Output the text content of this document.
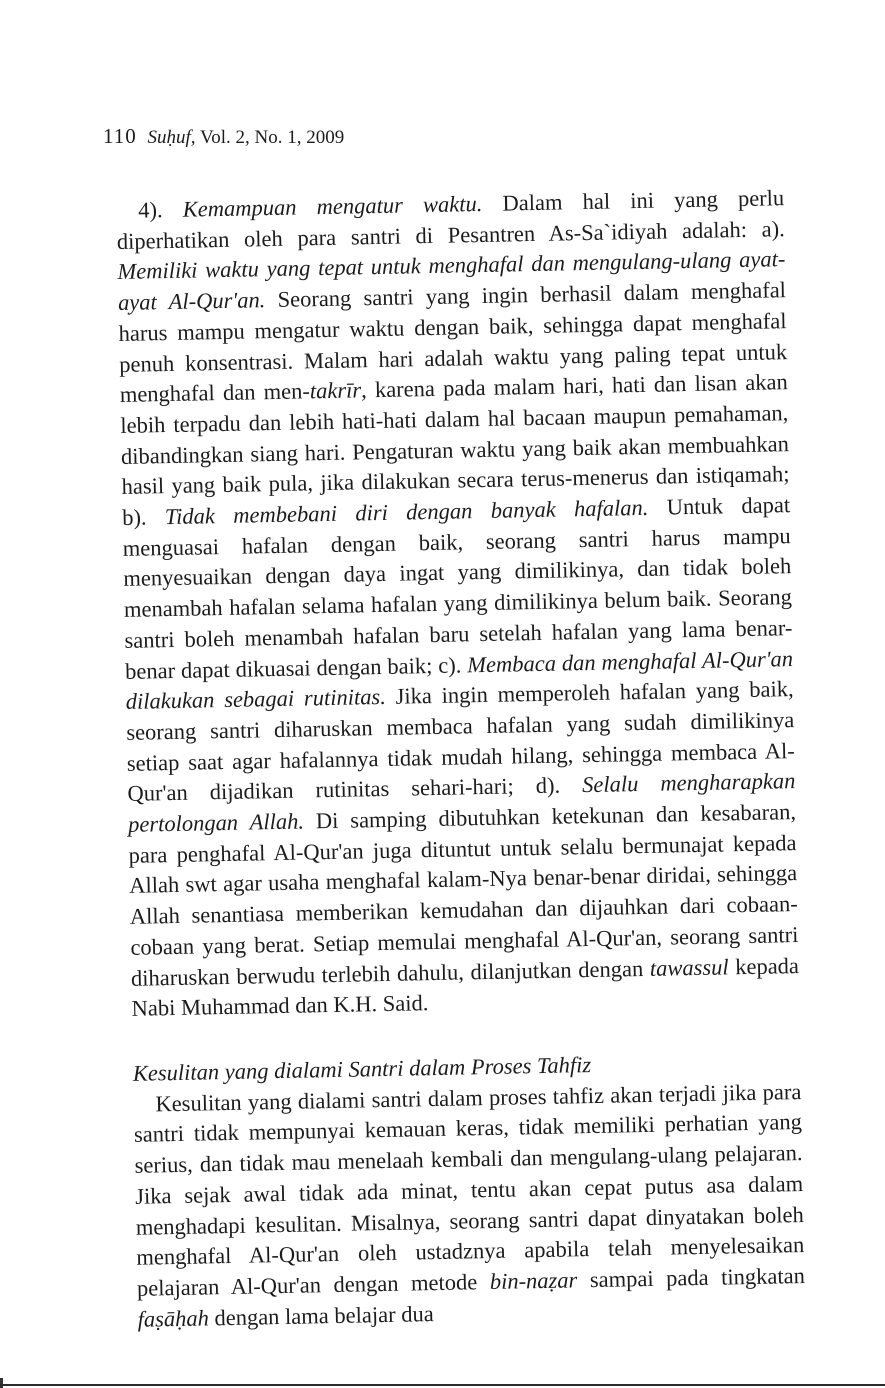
110 Suḥuf, Vol. 2, No. 1, 2009

4). Kemampuan mengatur waktu. Dalam hal ini yang perlu diperhatikan oleh para santri di Pesantren As-Sa`idiyah adalah: a). Memiliki waktu yang tepat untuk menghafal dan mengulang-ulang ayat-ayat Al-Qur'an. Seorang santri yang ingin berhasil dalam menghafal harus mampu mengatur waktu dengan baik, sehingga dapat menghafal penuh konsentrasi. Malam hari adalah waktu yang paling tepat untuk menghafal dan men-takrīr, karena pada malam hari, hati dan lisan akan lebih terpadu dan lebih hati-hati dalam hal bacaan maupun pemahaman, dibandingkan siang hari. Pengaturan waktu yang baik akan membuahkan hasil yang baik pula, jika dilakukan secara terus-menerus dan istiqamah; b). Tidak membebani diri dengan banyak hafalan. Untuk dapat menguasai hafalan dengan baik, seorang santri harus mampu menyesuaikan dengan daya ingat yang dimilikinya, dan tidak boleh menambah hafalan selama hafalan yang dimilikinya belum baik. Seorang santri boleh menambah hafalan baru setelah hafalan yang lama benar-benar dapat dikuasai dengan baik; c). Membaca dan menghafal Al-Qur'an dilakukan sebagai rutinitas. Jika ingin memperoleh hafalan yang baik, seorang santri diharuskan membaca hafalan yang sudah dimilikinya setiap saat agar hafalannya tidak mudah hilang, sehingga membaca Al-Qur'an dijadikan rutinitas sehari-hari; d). Selalu mengharapkan pertolongan Allah. Di samping dibutuhkan ketekunan dan kesabaran, para penghafal Al-Qur'an juga dituntut untuk selalu bermunajat kepada Allah swt agar usaha menghafal kalam-Nya benar-benar diridai, sehingga Allah senantiasa memberikan kemudahan dan dijauhkan dari cobaan-cobaan yang berat. Setiap memulai menghafal Al-Qur'an, seorang santri diharuskan berwudu terlebih dahulu, dilanjutkan dengan tawassul kepada Nabi Muhammad dan K.H. Said.

Kesulitan yang dialami Santri dalam Proses Tahfiz

Kesulitan yang dialami santri dalam proses tahfiz akan terjadi jika para santri tidak mempunyai kemauan keras, tidak memiliki perhatian yang serius, dan tidak mau menelaah kembali dan mengulang-ulang pelajaran. Jika sejak awal tidak ada minat, tentu akan cepat putus asa dalam menghadapi kesulitan. Misalnya, seorang santri dapat dinyatakan boleh menghafal Al-Qur'an oleh ustadznya apabila telah menyelesaikan pelajaran Al-Qur'an dengan metode bin-naẓar sampai pada tingkatan faṣāḥah dengan lama belajar dua
